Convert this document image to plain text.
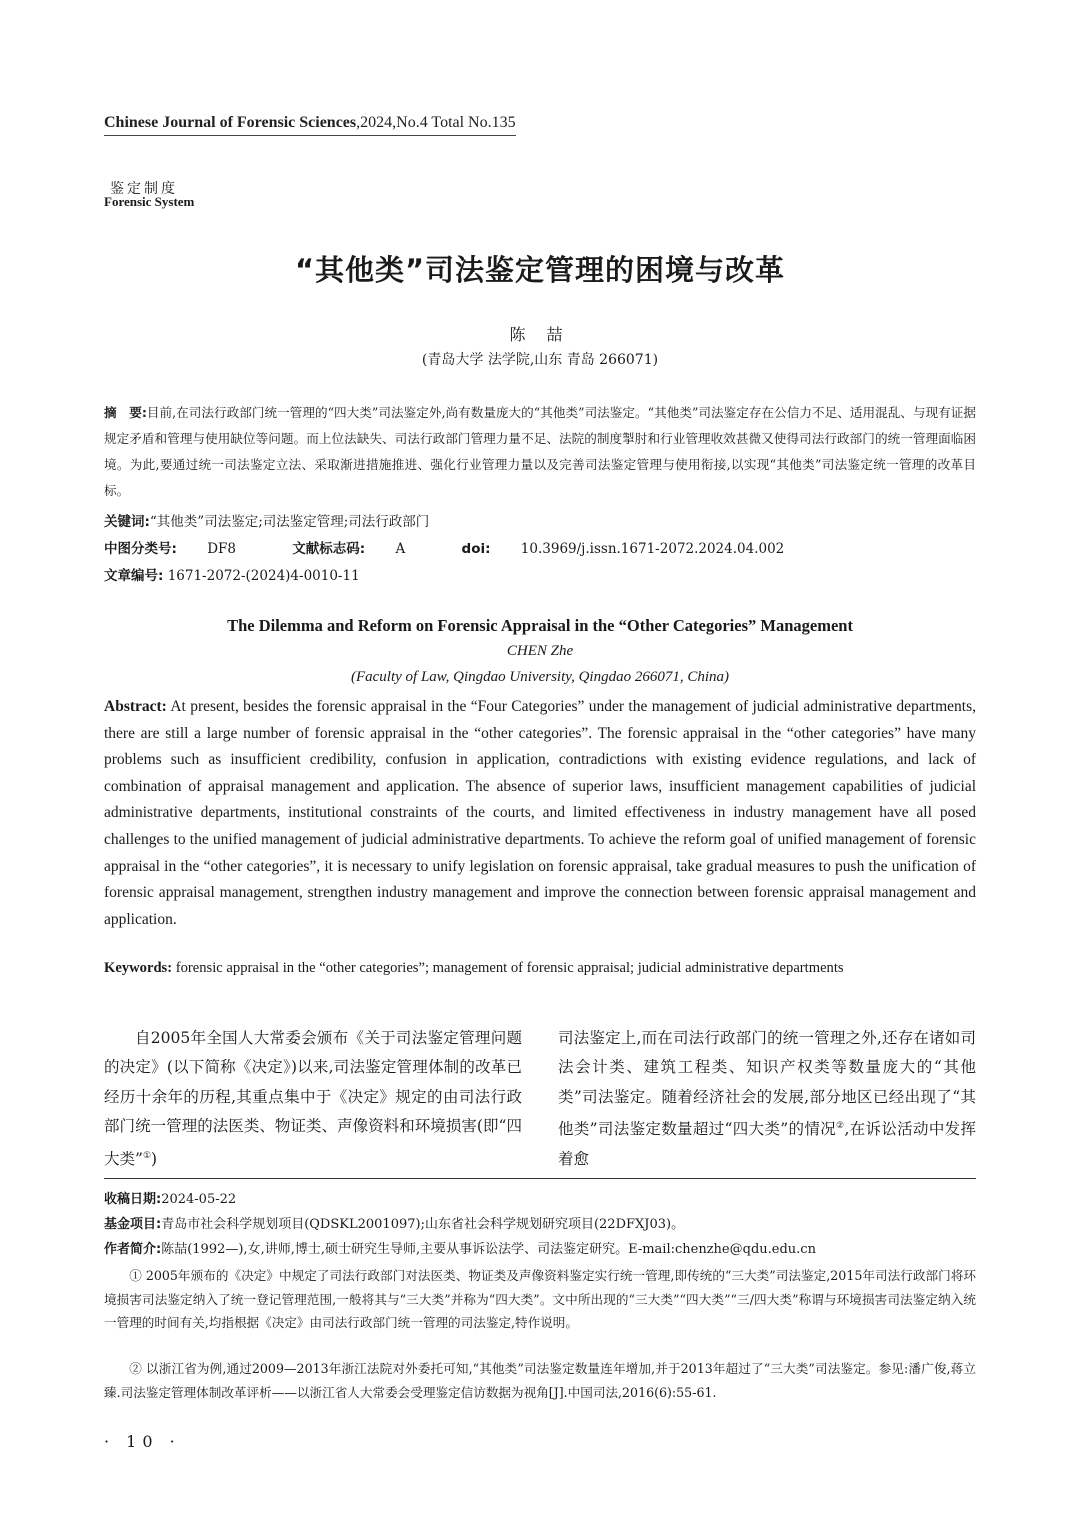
Chinese Journal of Forensic Sciences,2024,No.4 Total No.135
鉴定制度
Forensic System
“其他类”司法鉴定管理的困境与改革
陈 喆
(青岛大学 法学院,山东 青岛 266071)
摘　要:目前,在司法行政部门统一管理的“四大类”司法鉴定外,尚有数量庞大的“其他类”司法鉴定。“其他类”司法鉴定存在公信力不足、适用混乱、与现有证据规定矛盾和管理与使用缺位等问题。而上位法缺失、司法行政部门管理力量不足、法院的制度掣肘和行业管理收效甚微又使得司法行政部门的统一管理面临困境。为此,要通过统一司法鉴定立法、采取渐进措施推进、强化行业管理力量以及完善司法鉴定管理与使用衔接,以实现“其他类”司法鉴定统一管理的改革目标。
关键词:“其他类”司法鉴定;司法鉴定管理;司法行政部门
中图分类号: DF8	文献标志码: A	doi: 10.3969/j.issn.1671-2072.2024.04.002
文章编号: 1671-2072-(2024)4-0010-11
The Dilemma and Reform on Forensic Appraisal in the “Other Categories” Management
CHEN Zhe
(Faculty of Law, Qingdao University, Qingdao 266071, China)
Abstract: At present, besides the forensic appraisal in the “Four Categories” under the management of judicial administrative departments, there are still a large number of forensic appraisal in the “other categories”. The forensic appraisal in the “other categories” have many problems such as insufficient credibility, confusion in application, contradictions with existing evidence regulations, and lack of combination of appraisal management and application. The absence of superior laws, insufficient management capabilities of judicial administrative departments, institutional constraints of the courts, and limited effectiveness in industry management have all posed challenges to the unified management of judicial administrative departments. To achieve the reform goal of unified management of forensic appraisal in the “other categories”, it is necessary to unify legislation on forensic appraisal, take gradual measures to push the unification of forensic appraisal management, strengthen industry management and improve the connection between forensic appraisal management and application.
Keywords: forensic appraisal in the “other categories”; management of forensic appraisal; judicial administrative departments
自2005年全国人大常委会颁布《关于司法鉴定管理问题的决定》(以下简称《决定》)以来,司法鉴定管理体制的改革已经历十余年的历程,其重点集中于《决定》规定的由司法行政部门统一管理的法医类、物证类、声像资料和环境损害(即“四大类”①)
司法鉴定上,而在司法行政部门的统一管理之外,还存在诸如司法会计类、建筑工程类、知识产权类等数量庞大的“其他类”司法鉴定。随着经济社会的发展,部分地区已经出现了“其他类”司法鉴定数量超过“四大类”的情况②,在诉讼活动中发挥着愈
收稿日期:2024-05-22
基金项目:青岛市社会科学规划项目(QDSKL2001097);山东省社会科学规划研究项目(22DFXJ03)。
作者简介:陈喆(1992—),女,讲师,博士,硕士研究生导师,主要从事诉讼法学、司法鉴定研究。E-mail:chenzhe@qdu.edu.cn
① 2005年颁布的《决定》中规定了司法行政部门对法医类、物证类及声像资料鉴定实行统一管理,即传统的“三大类”司法鉴定,2015年司法行政部门将环境损害司法鉴定纳入了统一登记管理范围,一般将其与“三大类”并称为“四大类”。文中所出现的“三大类”“四大类”“三/四大类”称谓与环境损害司法鉴定纳入统一管理的时间有关,均指根据《决定》由司法行政部门统一管理的司法鉴定,特作说明。
② 以浙江省为例,通过2009—2013年浙江法院对外委托可知,“其他类”司法鉴定数量连年增加,并于2013年超过了“三大类”司法鉴定。参见:潘广俊,蒋立臻.司法鉴定管理体制改革评析——以浙江省人大常委会受理鉴定信访数据为视角[J].中国司法,2016(6):55-61.
· 10 ·
